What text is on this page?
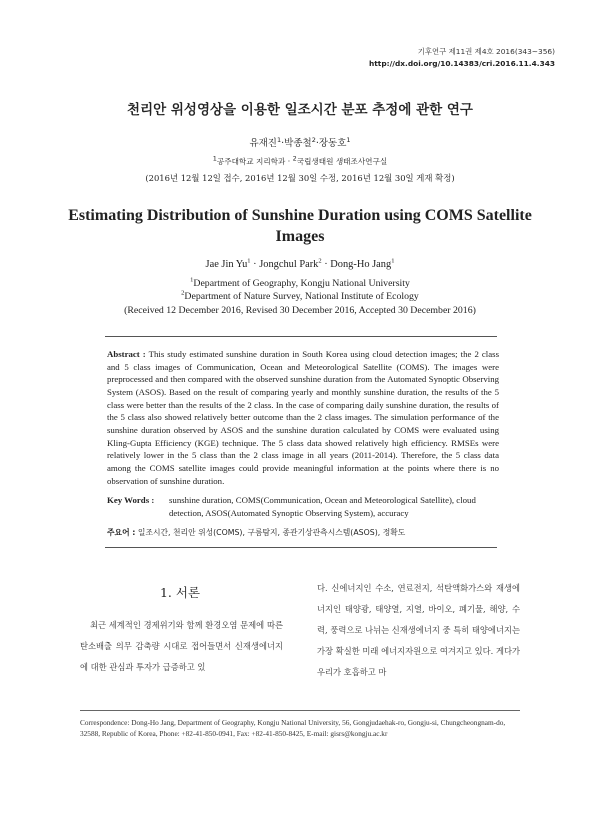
기후연구 제11권 제4호 2016(343~356)
http://dx.doi.org/10.14383/cri.2016.11.4.343
천리안 위성영상을 이용한 일조시간 분포 추정에 관한 연구
유재진$^1$·박종철$^2$·장동호$^1$
$^1$공주대학교 지리학과 · $^2$국립생태원 생태조사연구실
(2016년 12월 12일 접수, 2016년 12월 30일 수정, 2016년 12월 30일 게재 확정)
Estimating Distribution of Sunshine Duration using COMS Satellite Images
Jae Jin $Yu^1$ · Jongchul Park$^2$ · Dong-Ho Jang$^1$
$^1$Department of Geography, Kongju National University
$^2$Department of Nature Survey, National Institute of Ecology
(Received 12 December 2016, Revised 30 December 2016, Accepted 30 December 2016)
Abstract : This study estimated sunshine duration in South Korea using cloud detection images; the 2 class and 5 class images of Communication, Ocean and Meteorological Satellite (COMS). The images were preprocessed and then compared with the observed sunshine duration from the Automated Synoptic Observing System (ASOS). Based on the result of comparing yearly and monthly sunshine duration, the results of the 5 class were better than the results of the 2 class. In the case of comparing daily sunshine duration, the results of the 5 class also showed relatively better outcome than the 2 class images. The simulation performance of the sunshine duration observed by ASOS and the sunshine duration calculated by COMS were evaluated using Kling-Gupta Efficiency (KGE) technique. The 5 class data showed relatively high efficiency. RMSEs were relatively lower in the 5 class than the 2 class image in all years (2011-2014). Therefore, the 5 class data among the COMS satellite images could provide meaningful information at the points where there is no observation of sunshine duration.
Key Words : sunshine duration, COMS(Communication, Ocean and Meteorological Satellite), cloud detection, ASOS(Automated Synoptic Observing System), accuracy
주요어 : 일조시간, 천리안 위성(COMS), 구름탐지, 종관기상관측시스템(ASOS), 정확도
1. 서론
최근 세계적인 경제위기와 함께 환경오염 문제에 따른 탄소배출 의무 감축량 시대로 접어들면서 신재생에너지에 대한 관심과 투자가 급증하고 있
다. 신에너지인 수소, 연료전지, 석탄액화가스와 재생에너지인 태양광, 태양열, 지열, 바이오, 폐기물, 해양, 수력, 풍력으로 나뉘는 신재생에너지 중 특히 태양에너지는 가장 확실한 미래 에너지자원으로 여겨지고 있다. 게다가 우리가 호흡하고 마
Correspondence: Dong-Ho Jang, Department of Geography, Kongju National University, 56, Gongjudaehak-ro, Gongju-si, Chungcheongnam-do, 32588, Republic of Korea, Phone: +82-41-850-0941, Fax: +82-41-850-8425, E-mail: gisrs@kongju.ac.kr
